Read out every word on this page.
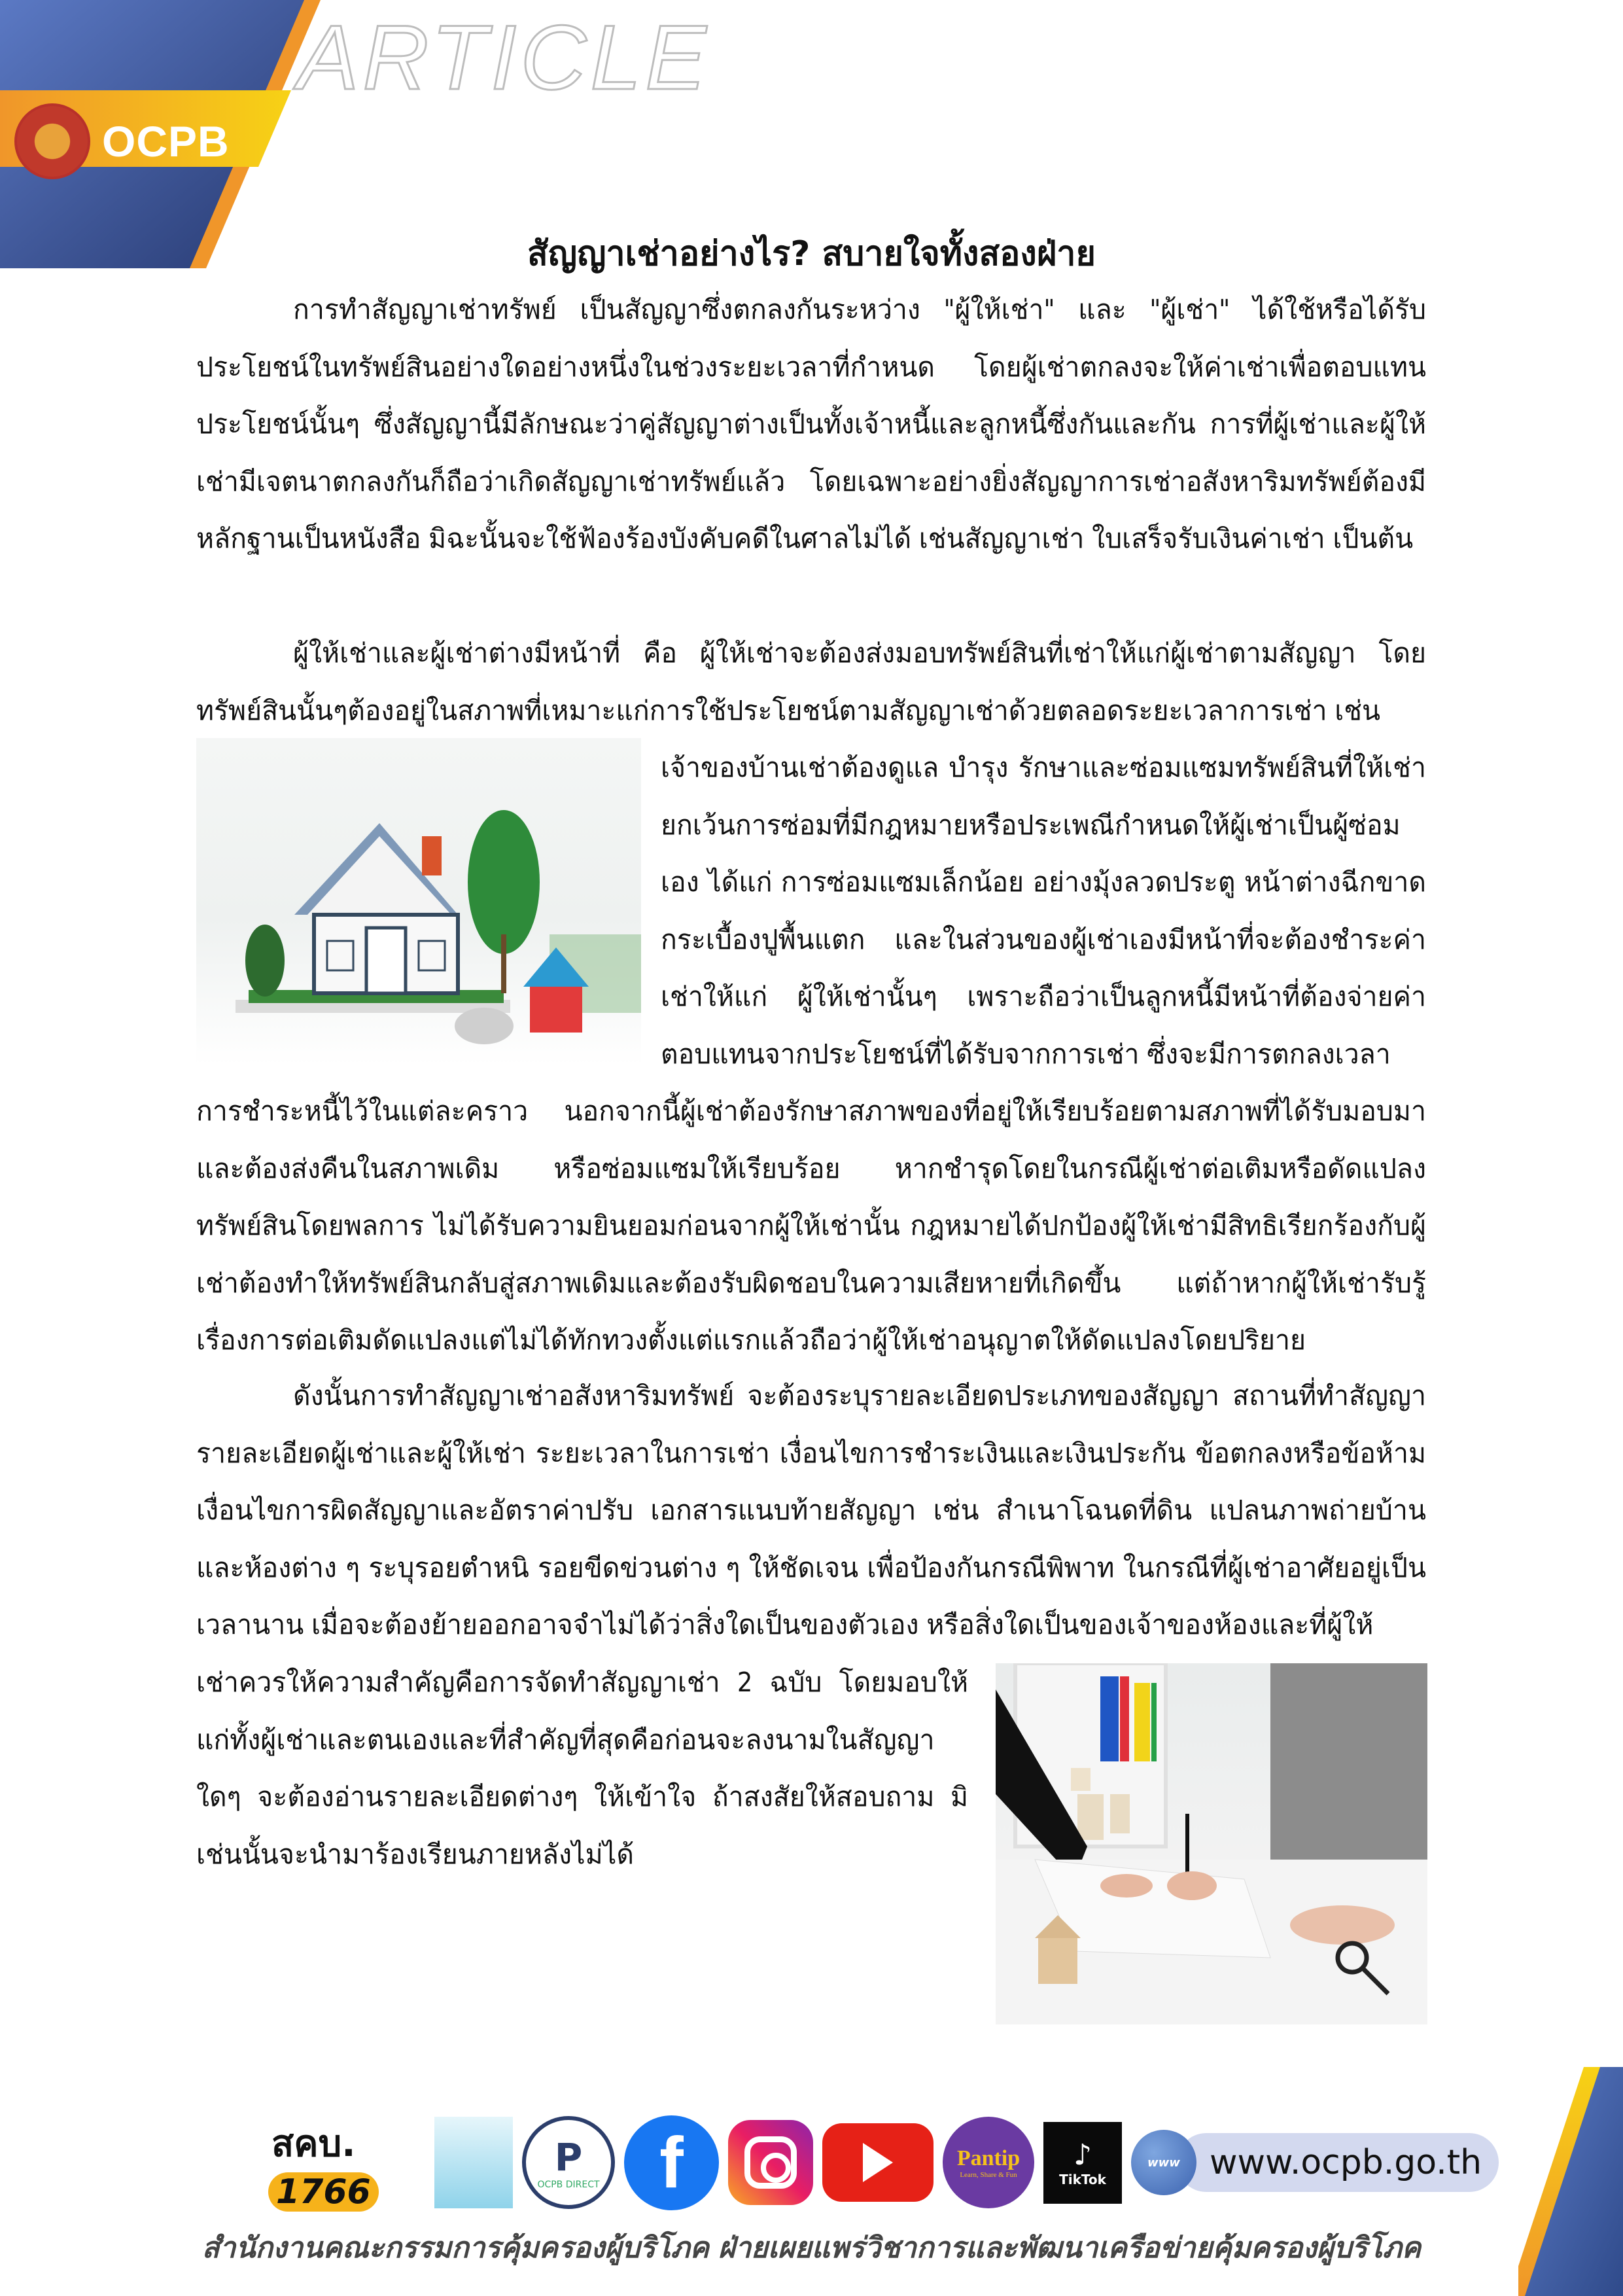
ARTICLE
OCPB
สัญญาเช่าอย่างไร? สบายใจทั้งสองฝ่าย

การทำสัญญาเช่าทรัพย์ เป็นสัญญาซึ่งตกลงกันระหว่าง "ผู้ให้เช่า" และ "ผู้เช่า" ได้ใช้หรือได้รับประโยชน์ในทรัพย์สินอย่างใดอย่างหนึ่งในช่วงระยะเวลาที่กำหนด โดยผู้เช่าตกลงจะให้ค่าเช่าเพื่อตอบแทนประโยชน์นั้นๆ ซึ่งสัญญานี้มีลักษณะว่าคู่สัญญาต่างเป็นทั้งเจ้าหนี้และลูกหนี้ซึ่งกันและกัน การที่ผู้เช่าและผู้ให้เช่ามีเจตนาตกลงกันก็ถือว่าเกิดสัญญาเช่าทรัพย์แล้ว โดยเฉพาะอย่างยิ่งสัญญาการเช่าอสังหาริมทรัพย์ต้องมีหลักฐานเป็นหนังสือ มิฉะนั้นจะใช้ฟ้องร้องบังคับคดีในศาลไม่ได้ เช่นสัญญาเช่า ใบเสร็จรับเงินค่าเช่า เป็นต้น

ผู้ให้เช่าและผู้เช่าต่างมีหน้าที่ คือ ผู้ให้เช่าจะต้องส่งมอบทรัพย์สินที่เช่าให้แก่ผู้เช่าตามสัญญา โดยทรัพย์สินนั้นๆต้องอยู่ในสภาพที่เหมาะแก่การใช้ประโยชน์ตามสัญญาเช่าด้วยตลอดระยะเวลาการเช่า เช่น

เจ้าของบ้านเช่าต้องดูแล บำรุง รักษาและซ่อมแซมทรัพย์สินที่ให้เช่า ยกเว้นการซ่อมที่มีกฎหมายหรือประเพณีกำหนดให้ผู้เช่าเป็นผู้ซ่อมเอง ได้แก่ การซ่อมแซมเล็กน้อย อย่างมุ้งลวดประตู หน้าต่างฉีกขาด กระเบื้องปูพื้นแตก และในส่วนของผู้เช่าเองมีหน้าที่จะต้องชำระค่าเช่าให้แก่ ผู้ให้เช่านั้นๆ เพราะถือว่าเป็นลูกหนี้มีหน้าที่ต้องจ่ายค่าตอบแทนจากประโยชน์ที่ได้รับจากการเช่า ซึ่งจะมีการตกลงเวลา

การชำระหนี้ไว้ในแต่ละคราว นอกจากนี้ผู้เช่าต้องรักษาสภาพของที่อยู่ให้เรียบร้อยตามสภาพที่ได้รับมอบมาและต้องส่งคืนในสภาพเดิม หรือซ่อมแซมให้เรียบร้อย หากชำรุดโดยในกรณีผู้เช่าต่อเติมหรือดัดแปลงทรัพย์สินโดยพลการ ไม่ได้รับความยินยอมก่อนจากผู้ให้เช่านั้น กฎหมายได้ปกป้องผู้ให้เช่ามีสิทธิเรียกร้องกับผู้เช่าต้องทำให้ทรัพย์สินกลับสู่สภาพเดิมและต้องรับผิดชอบในความเสียหายที่เกิดขึ้น แต่ถ้าหากผู้ให้เช่ารับรู้เรื่องการต่อเติมดัดแปลงแต่ไม่ได้ทักทวงตั้งแต่แรกแล้วถือว่าผู้ให้เช่าอนุญาตให้ดัดแปลงโดยปริยาย

ดังนั้นการทำสัญญาเช่าอสังหาริมทรัพย์ จะต้องระบุรายละเอียดประเภทของสัญญา สถานที่ทำสัญญา รายละเอียดผู้เช่าและผู้ให้เช่า ระยะเวลาในการเช่า เงื่อนไขการชำระเงินและเงินประกัน ข้อตกลงหรือข้อห้ามเงื่อนไขการผิดสัญญาและอัตราค่าปรับ เอกสารแนบท้ายสัญญา เช่น สำเนาโฉนดที่ดิน แปลนภาพถ่ายบ้านและห้องต่าง ๆ ระบุรอยตำหนิ รอยขีดข่วนต่าง ๆ ให้ชัดเจน เพื่อป้องกันกรณีพิพาท ในกรณีที่ผู้เช่าอาศัยอยู่เป็นเวลานาน เมื่อจะต้องย้ายออกอาจจำไม่ได้ว่าสิ่งใดเป็นของตัวเอง หรือสิ่งใดเป็นของเจ้าของห้องและที่ผู้ให้

เช่าควรให้ความสำคัญคือการจัดทำสัญญาเช่า 2 ฉบับ โดยมอบให้แก่ทั้งผู้เช่าและตนเองและที่สำคัญที่สุดคือก่อนจะลงนามในสัญญาใดๆ จะต้องอ่านรายละเอียดต่างๆ ให้เข้าใจ ถ้าสงสัยให้สอบถาม มิเช่นนั้นจะนำมาร้องเรียนภายหลังไม่ได้

สคบ.
1766
P
OCPB DIRECT f	Pantip
Learn, Share & Fun
♪
TikTok
www www.ocpb.go.th
สำนักงานคณะกรรมการคุ้มครองผู้บริโภค ฝ่ายเผยแพร่วิชาการและพัฒนาเครือข่ายคุ้มครองผู้บริโภค
